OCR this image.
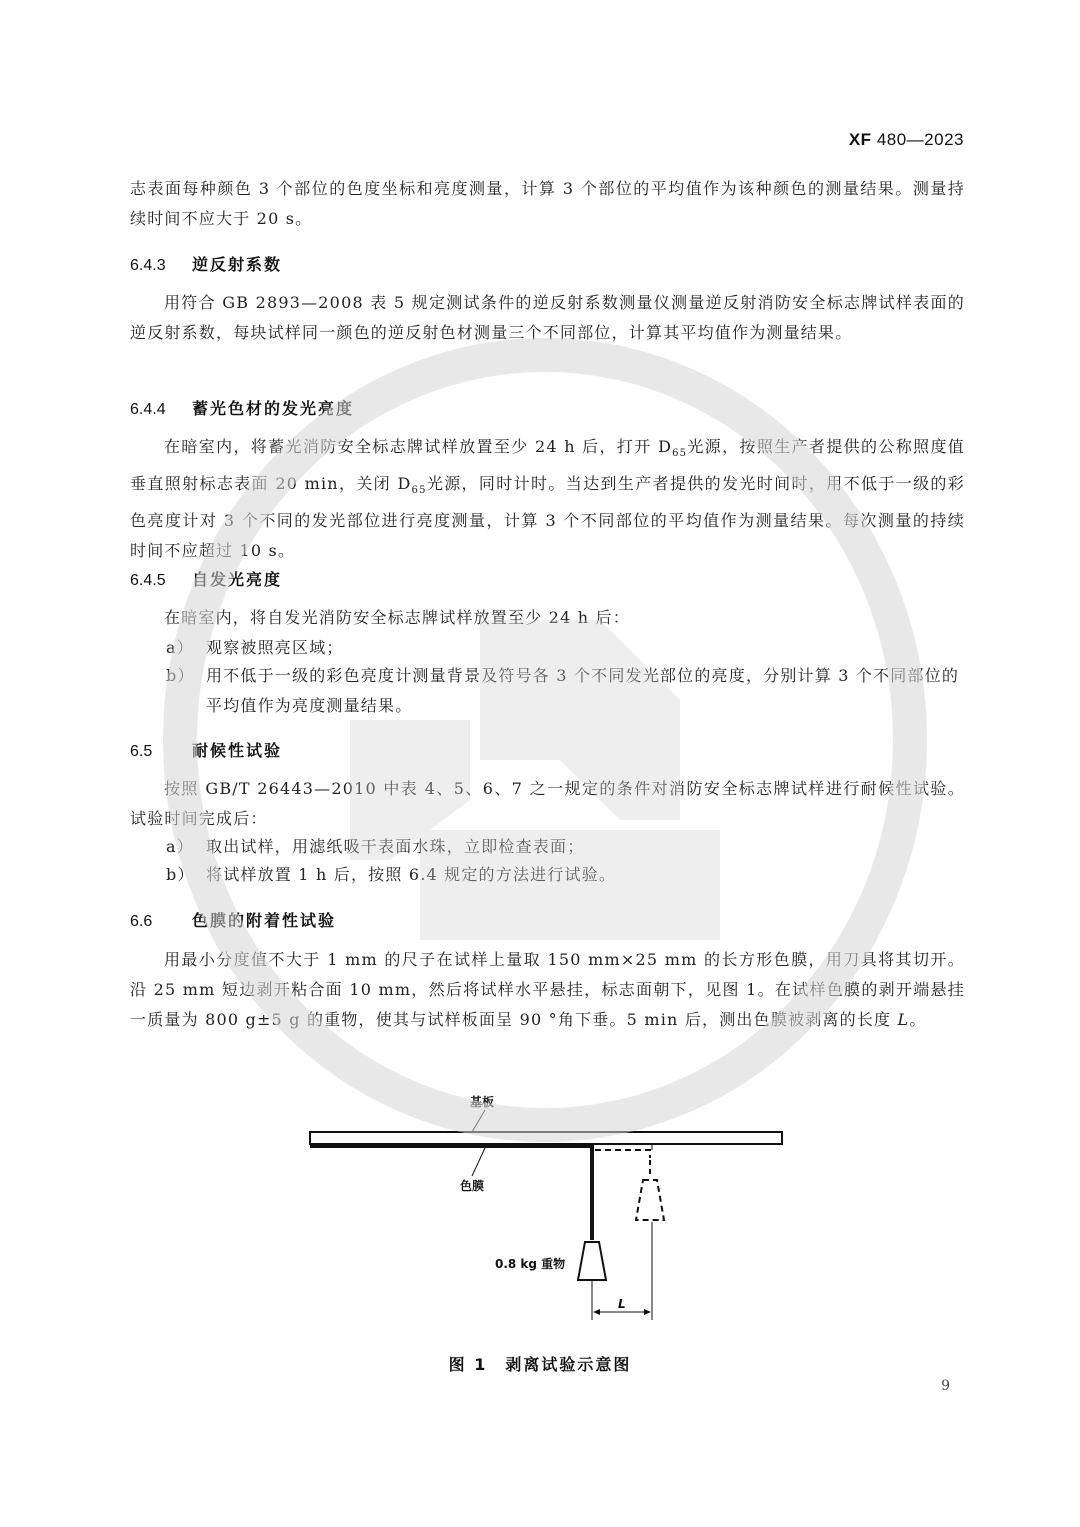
XF 480—2023
志表面每种颜色 3 个部位的色度坐标和亮度测量，计算 3 个部位的平均值作为该种颜色的测量结果。测量持续时间不应大于 20 s。
6.4.3 逆反射系数
用符合 GB 2893—2008 表 5 规定测试条件的逆反射系数测量仪测量逆反射消防安全标志牌试样表面的逆反射系数，每块试样同一颜色的逆反射色材测量三个不同部位，计算其平均值作为测量结果。
6.4.4 蓄光色材的发光亮度
在暗室内，将蓄光消防安全标志牌试样放置至少 24 h 后，打开 $D_{65}$光源，按照生产者提供的公称照度值垂直照射标志表面 20 min，关闭 $D_{65}$光源，同时计时。当达到生产者提供的发光时间时，用不低于一级的彩色亮度计对 3 个不同的发光部位进行亮度测量，计算 3 个不同部位的平均值作为测量结果。每次测量的持续时间不应超过 10 s。
6.4.5 自发光亮度
在暗室内，将自发光消防安全标志牌试样放置至少 24 h 后：
a） 观察被照亮区域；
b） 用不低于一级的彩色亮度计测量背景及符号各 3 个不同发光部位的亮度，分别计算 3 个不同部位的平均值作为亮度测量结果。
6.5 耐候性试验
按照 GB/T 26443—2010 中表 4、5、6、7 之一规定的条件对消防安全标志牌试样进行耐候性试验。试验时间完成后：
a） 取出试样，用滤纸吸干表面水珠，立即检查表面；
b） 将试样放置 1 h 后，按照 6.4 规定的方法进行试验。
6.6 色膜的附着性试验
用最小分度值不大于 1 mm 的尺子在试样上量取 150 mm×25 mm 的长方形色膜，用刀具将其切开。沿 25 mm 短边剥开粘合面 10 mm，然后将试样水平悬挂，标志面朝下，见图 1。在试样色膜的剥开端悬挂一质量为 800 g±5 g 的重物，使其与试样板面呈 90 °角下垂。5 min 后，测出色膜被剥离的长度 L。
基板
色膜
0.8 kg 重物
L
图 1　剥离试验示意图
9
